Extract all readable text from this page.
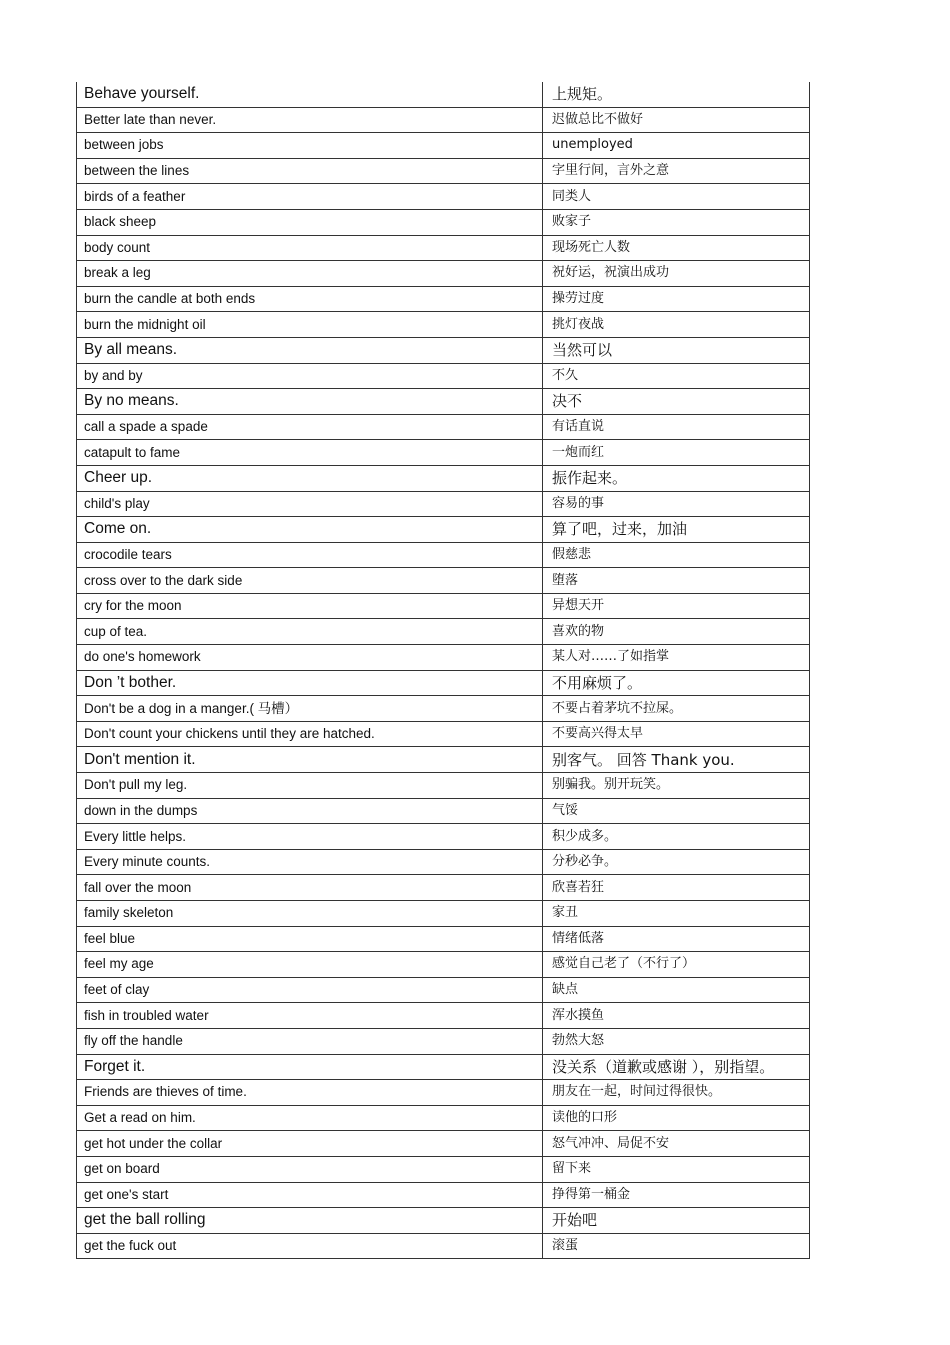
Behave yourself.	上规矩。
Better late than never.	迟做总比不做好
between jobs	unemployed
between the lines	字里行间，言外之意
birds of a feather	同类人
black sheep	败家子
body count	现场死亡人数
break a leg	祝好运，祝演出成功
burn the candle at both ends	操劳过度
burn the midnight oil	挑灯夜战
By all means.	当然可以
by and by	不久
By no means.	决不
call a spade a spade	有话直说
catapult to fame	一炮而红
Cheer up.	振作起来。
child's play	容易的事
Come on.	算了吧，过来，加油
crocodile tears	假慈悲
cross over to the dark side	堕落
cry for the moon	异想天开
cup of tea.	喜欢的物
do one's homework	某人对……了如指掌
Don ’t bother.	不用麻烦了。
Don't be a dog in a manger.( 马槽）	不要占着茅坑不拉屎。
Don't count your chickens until they are hatched.	不要高兴得太早
Don't mention it.	别客气。 回答 Thank you.
Don't pull my leg.	别骗我。别开玩笑。
down in the dumps	气馁
Every little helps.	积少成多。
Every minute counts.	分秒必争。
fall over the moon	欣喜若狂
family skeleton	家丑
feel blue	情绪低落
feel my age	感觉自己老了（不行了）
feet of clay	缺点
fish in troubled water	浑水摸鱼
fly off the handle	勃然大怒
Forget it.	没关系（道歉或感谢 ），别指望。
Friends are thieves of time.	朋友在一起，时间过得很快。
Get a read on him.	读他的口形
get hot under the collar	怒气冲冲、局促不安
get on board	留下来
get one's start	挣得第一桶金
get the ball rolling	开始吧
get the fuck out	滚蛋
